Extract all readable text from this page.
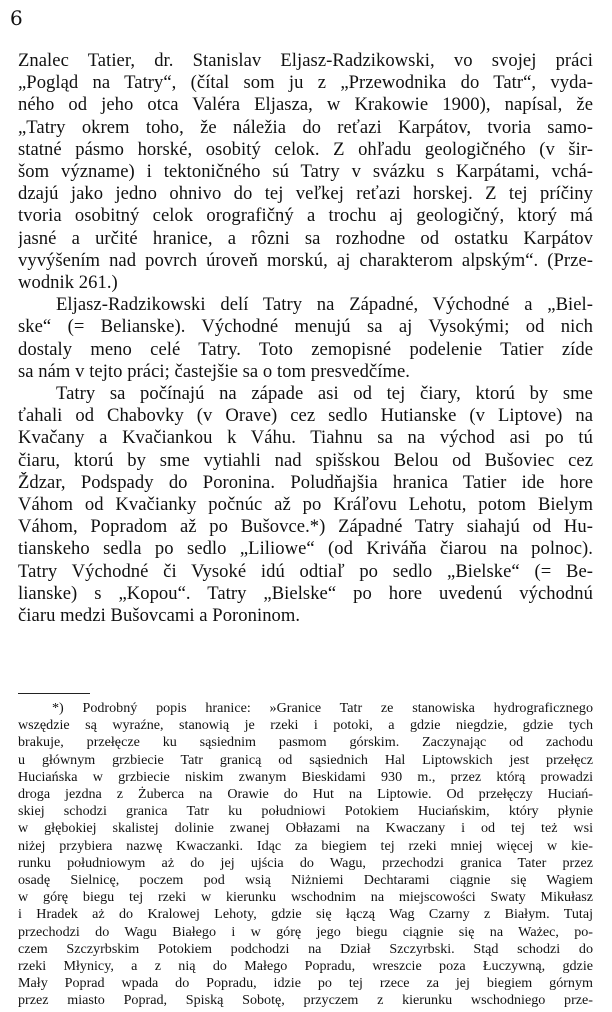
6
Znalec Tatier, dr. Stanislav Eljasz-Radzikowski, vo svojej práci
„Pogląd na Tatry“, (čítal som ju z „Przewodnika do Tatr“, vyda-
ného od jeho otca Valéra Eljasza, w Krakowie 1900), napísal, že
„Tatry okrem toho, že náležia do reťazi Karpátov, tvoria samo-
statné pásmo horské, osobitý celok. Z ohľadu geologičného (v šir-
šom význame) i tektoničného sú Tatry v svázku s Karpátami, vchá-
dzajú jako jedno ohnivo do tej veľkej reťazi horskej. Z tej príčiny
tvoria osobitný celok orografičný a trochu aj geologičný, ktorý má
jasné a určité hranice, a rôzni sa rozhodne od ostatku Karpátov
vyvýšením nad povrch úroveň morskú, aj charakterom alpským“. (Prze-
wodnik 261.)
Eljasz-Radzikowski delí Tatry na Západné, Východné a „Biel-
ske“ (= Belianske). Východné menujú sa aj Vysokými; od nich
dostaly meno celé Tatry. Toto zemopisné podelenie Tatier zíde
sa nám v tejto práci; častejšie sa o tom presvedčíme.
Tatry sa počínajú na západe asi od tej čiary, ktorú by sme
ťahali od Chabovky (v Orave) cez sedlo Hutianske (v Liptove) na
Kvačany a Kvačiankou k Váhu. Tiahnu sa na východ asi po tú
čiaru, ktorú by sme vytiahli nad spišskou Belou od Bušoviec cez
Ždzar, Podspady do Poronina. Poludňajšia hranica Tatier ide hore
Váhom od Kvačianky počnúc až po Kráľovu Lehotu, potom Bielym
Váhom, Popradom až po Bušovce.*) Západné Tatry siahajú od Hu-
tianskeho sedla po sedlo „Liliowe“ (od Kriváňa čiarou na polnoc).
Tatry Východné či Vysoké idú odtiaľ po sedlo „Bielske“ (= Be-
lianske) s „Kopou“. Tatry „Bielske“ po hore uvedenú východnú
čiaru medzi Bušovcami a Poroninom.
*) Podrobný popis hranice: »Granice Tatr ze stanowiska hydrograficznego
wszędzie są wyraźne, stanowią je rzeki i potoki, a gdzie niegdzie, gdzie tych
brakuje, przełęcze ku sąsiednim pasmom górskim. Zaczynając od zachodu
u głównym grzbiecie Tatr granicą od sąsiednich Hal Liptowskich jest przełęcz
Huciańska w grzbiecie niskim zwanym Bieskidami 930 m., przez którą prowadzi
droga jezdna z Żuberca na Orawie do Hut na Liptowie. Od przełęczy Huciań-
skiej schodzi granica Tatr ku południowi Potokiem Huciańskim, który płynie
w głębokiej skalistej dolinie zwanej Obłazami na Kwaczany i od tej też wsi
niżej przybiera nazwę Kwaczanki. Idąc za biegiem tej rzeki mniej więcej w kie-
runku południowym aż do jej ujścia do Wagu, przechodzi granica Tater przez
osadę Sielnicę, poczem pod wsią Niżniemi Dechtarami ciągnie się Wagiem
w górę biegu tej rzeki w kierunku wschodnim na miejscowości Swaty Mikułasz
i Hradek aż do Kralowej Lehoty, gdzie się łączą Wag Czarny z Białym. Tutaj
przechodzi do Wagu Białego i w górę jego biegu ciągnie się na Ważec, po-
czem Szczyrbskim Potokiem podchodzi na Dział Szczyrbski. Stąd schodzi do
rzeki Młynicy, a z nią do Małego Popradu, wreszcie poza Łuczywną, gdzie
Mały Poprad wpada do Popradu, idzie po tej rzece za jej biegiem górnym
przez miasto Poprad, Spiską Sobotę, przyczem z kierunku wschodniego prze-
